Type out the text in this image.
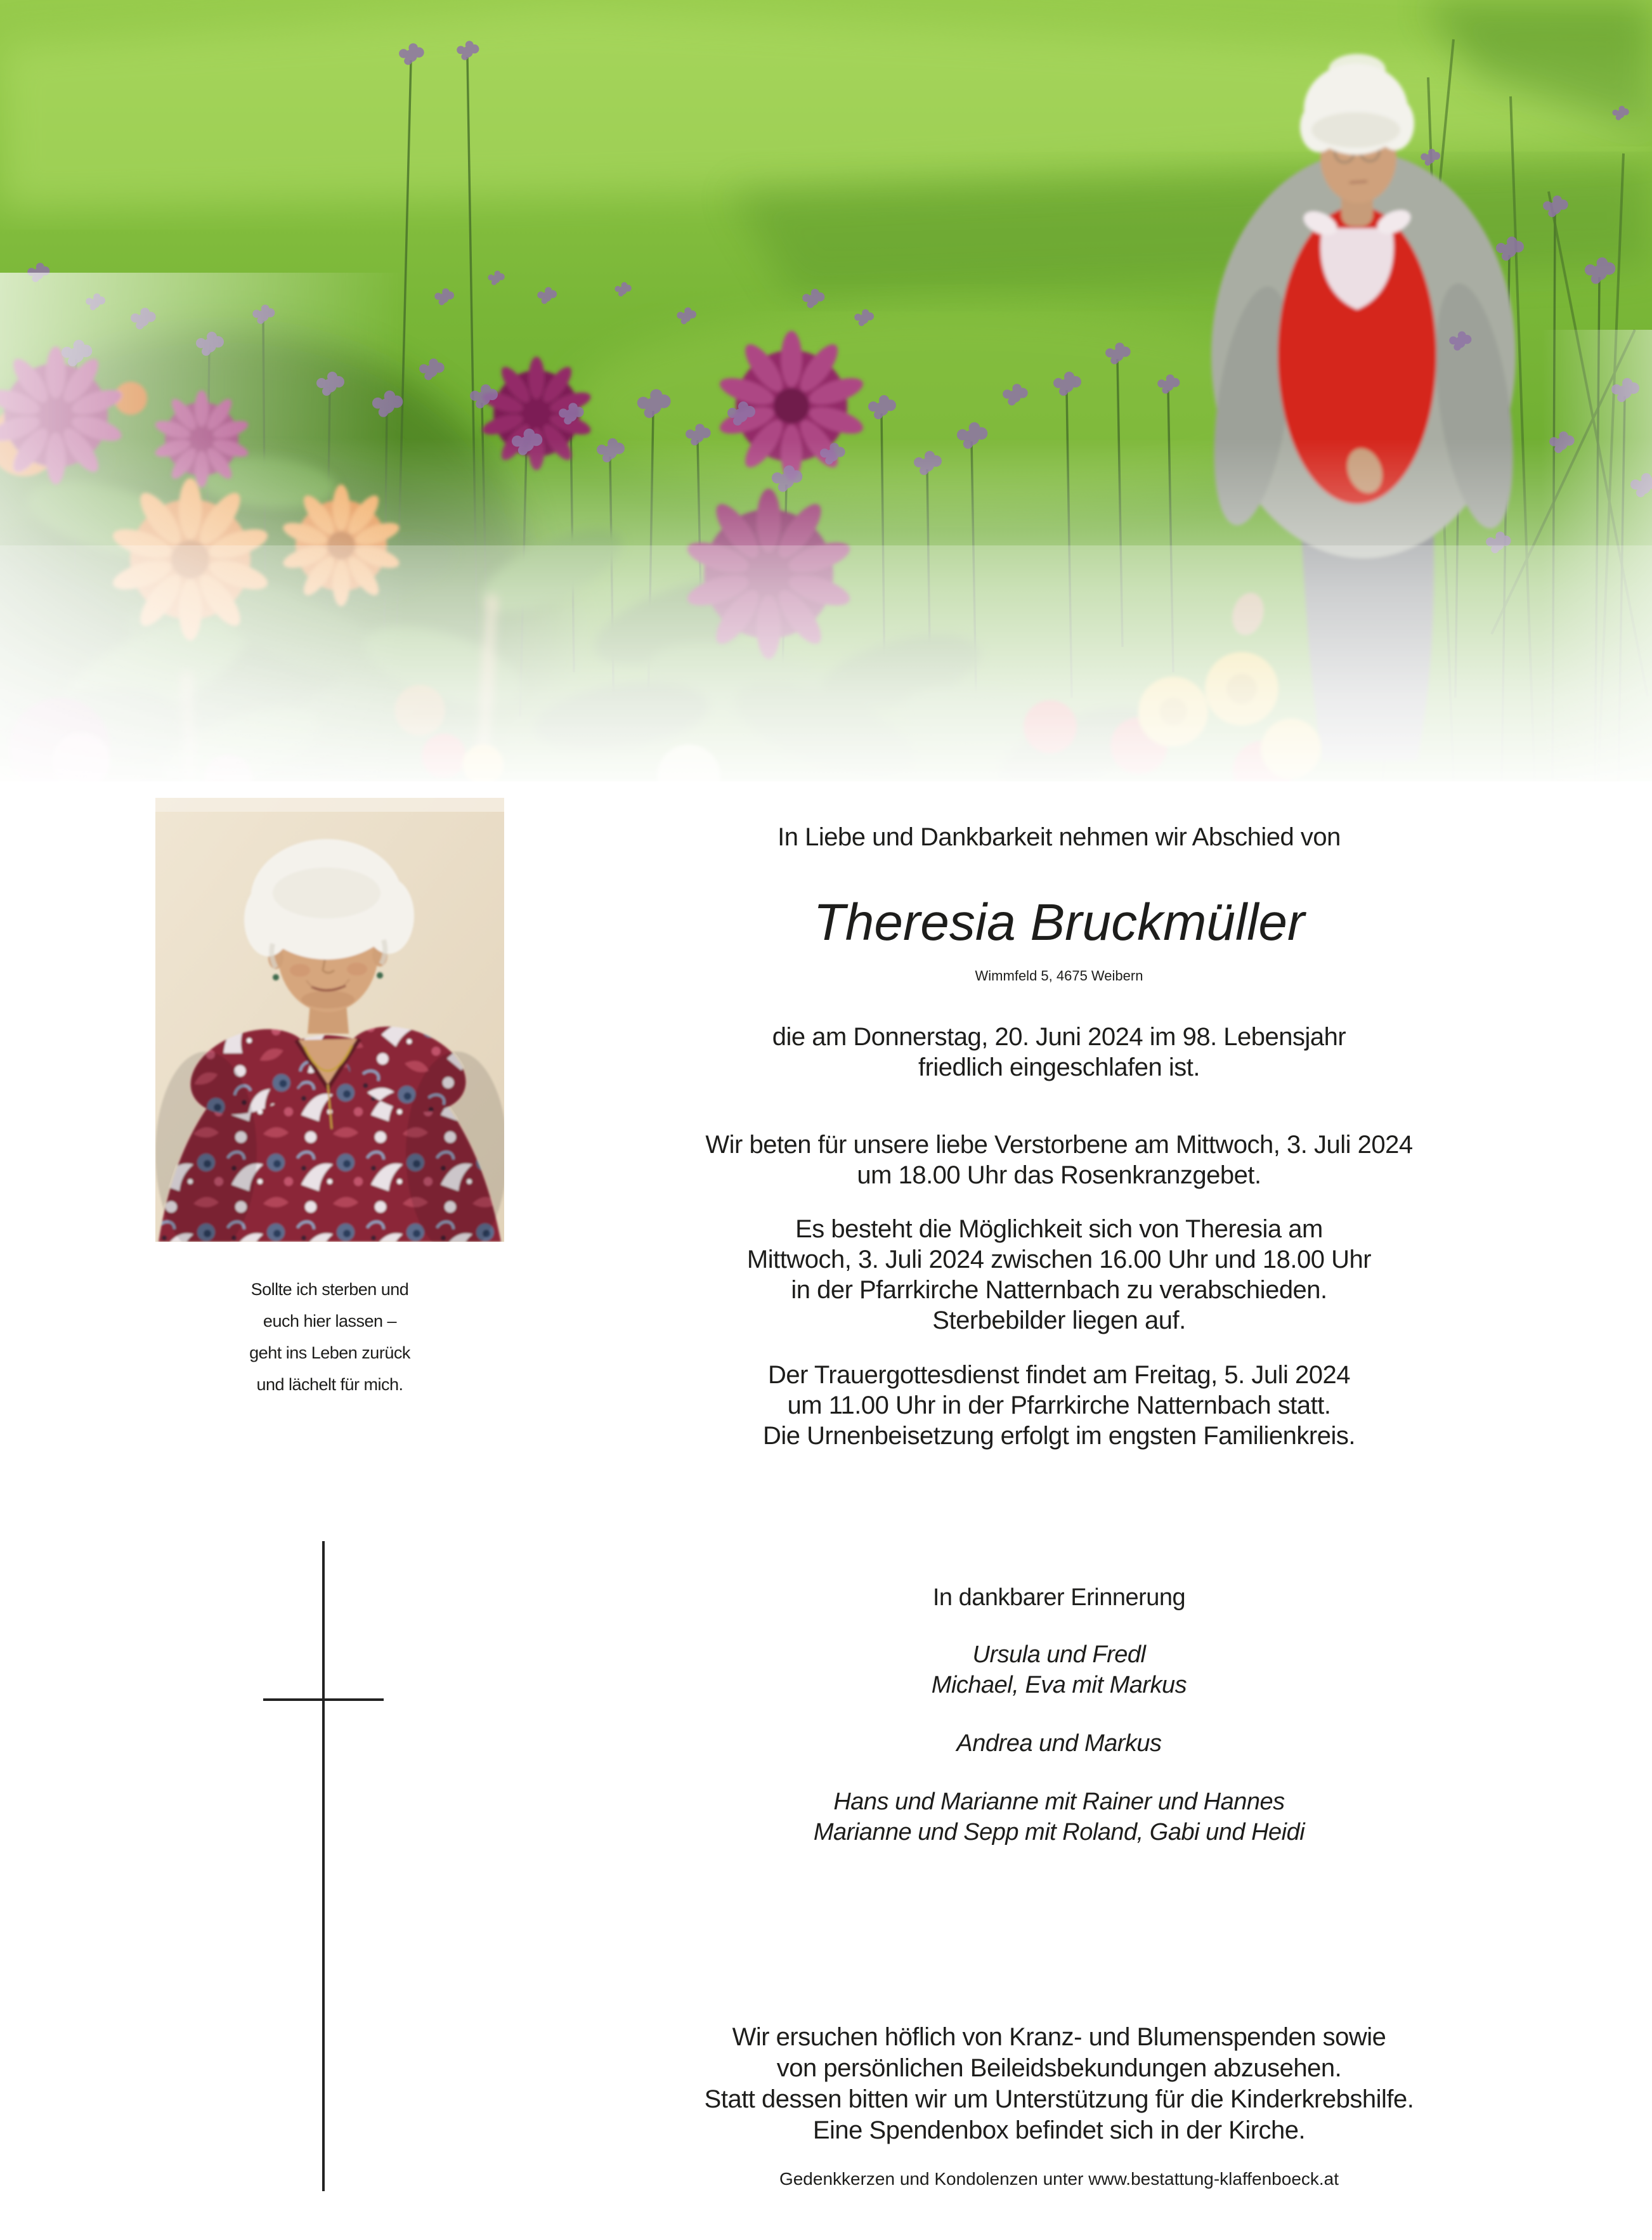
Sollte ich sterben und
euch hier lassen –
geht ins Leben zurück
und lächelt für mich.
In Liebe und Dankbarkeit nehmen wir Abschied von
Theresia Bruckmüller
Wimmfeld 5, 4675 Weibern
die am Donnerstag, 20. Juni 2024 im 98. Lebensjahr
friedlich eingeschlafen ist.
Wir beten für unsere liebe Verstorbene am Mittwoch, 3. Juli 2024
um 18.00 Uhr das Rosenkranzgebet.
Es besteht die Möglichkeit sich von Theresia am
Mittwoch, 3. Juli 2024 zwischen 16.00 Uhr und 18.00 Uhr
in der Pfarrkirche Natternbach zu verabschieden.
Sterbebilder liegen auf.
Der Trauergottesdienst findet am Freitag, 5. Juli 2024
um 11.00 Uhr in der Pfarrkirche Natternbach statt.
Die Urnenbeisetzung erfolgt im engsten Familienkreis.
In dankbarer Erinnerung
Ursula und Fredl
Michael, Eva mit Markus
Andrea und Markus
Hans und Marianne mit Rainer und Hannes
Marianne und Sepp mit Roland, Gabi und Heidi
Wir ersuchen höflich von Kranz- und Blumenspenden sowie
von persönlichen Beileidsbekundungen abzusehen.
Statt dessen bitten wir um Unterstützung für die Kinderkrebshilfe.
Eine Spendenbox befindet sich in der Kirche.
Gedenkkerzen und Kondolenzen unter www.bestattung-klaffenboeck.at
